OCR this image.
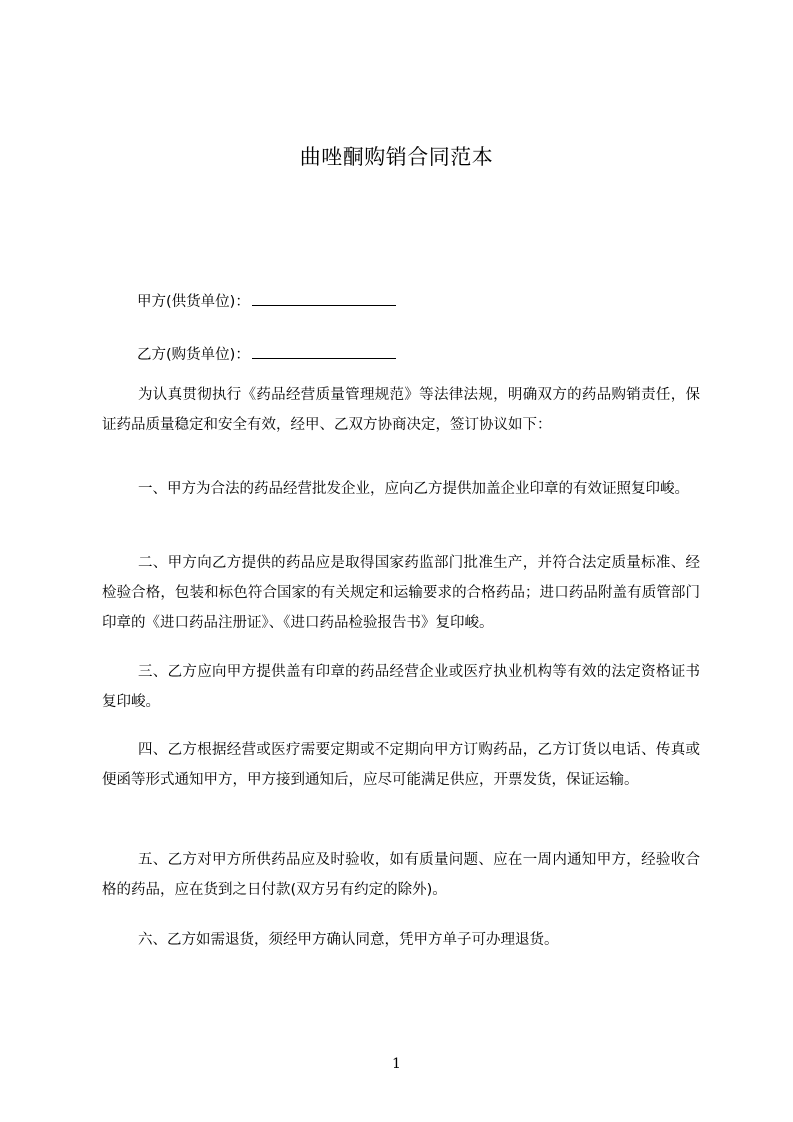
曲唑酮购销合同范本
甲方(供货单位)：
乙方(购货单位)：

为认真贯彻执行《药品经营质量管理规范》等法律法规，明确双方的药品购销责任，保证药品质量稳定和安全有效，经甲、乙双方协商决定，签订协议如下：

一、甲方为合法的药品经营批发企业，应向乙方提供加盖企业印章的有效证照复印峻。

二、甲方向乙方提供的药品应是取得国家药监部门批准生产，并符合法定质量标准、经检验合格，包装和标色符合国家的有关规定和运输要求的合格药品；进口药品附盖有质管部门印章的《进口药品注册证》、《进口药品检验报告书》复印峻。

三、乙方应向甲方提供盖有印章的药品经营企业或医疗执业机构等有效的法定资格证书复印峻。

四、乙方根据经营或医疗需要定期或不定期向甲方订购药品，乙方订货以电话、传真或便函等形式通知甲方，甲方接到通知后，应尽可能满足供应，开票发货，保证运输。

五、乙方对甲方所供药品应及时验收，如有质量问题、应在一周内通知甲方，经验收合格的药品，应在货到之日付款(双方另有约定的除外)。

六、乙方如需退货，须经甲方确认同意，凭甲方单子可办理退货。

1
